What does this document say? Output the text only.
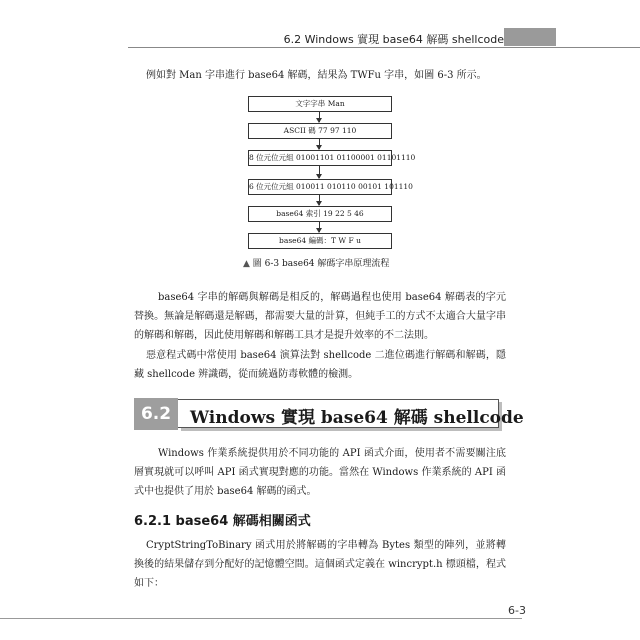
6.2 Windows 實現 base64 解碼 shellcode

例如對 Man 字串進行 base64 解碼，結果為 TWFu 字串，如圖 6-3 所示。

文字字串 Man
ASCII 碼 77 97 110
8 位元位元組 01001101 01100001 01101110
6 位元位元組 010011 010110 00101 101110
base64 索引 19 22 5 46
base64 編碼：T W F u
▲ 圖 6-3 base64 解碼字串原理流程

base64 字串的解碼與解碼是相反的，解碼過程也使用 base64 解碼表的字元替換。無論是解碼還是解碼，都需要大量的計算，但純手工的方式不太適合大量字串的解碼和解碼，因此使用解碼和解碼工具才是提升效率的不二法則。

惡意程式碼中常使用 base64 演算法對 shellcode 二進位碼進行解碼和解碼，隱藏 shellcode 辨識碼，從而繞過防毒軟體的檢測。

6.2	Windows 實現 base64 解碼 shellcode

Windows 作業系統提供用於不同功能的 API 函式介面，使用者不需要關注底層實現就可以呼叫 API 函式實現對應的功能。當然在 Windows 作業系統的 API 函式中也提供了用於 base64 解碼的函式。

6.2.1 base64 解碼相關函式

CryptStringToBinary 函式用於將解碼的字串轉為 Bytes 類型的陣列，並將轉換後的結果儲存到分配好的記憶體空間。這個函式定義在 wincrypt.h 標頭檔，程式如下：

6-3
